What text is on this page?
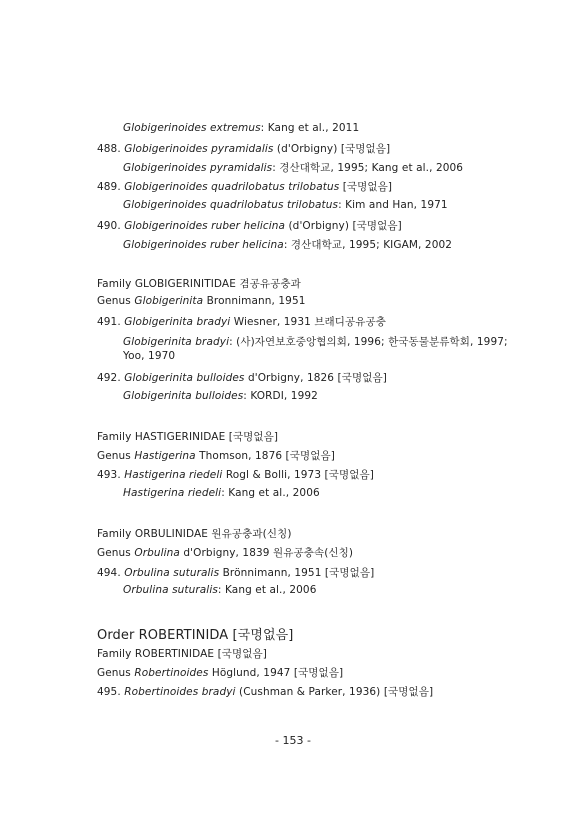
Globigerinoides extremus: Kang et al., 2011
488. Globigerinoides pyramidalis (d'Orbigny) [국명없음]
Globigerinoides pyramidalis: 경산대학교, 1995; Kang et al., 2006
489. Globigerinoides quadrilobatus trilobatus [국명없음]
Globigerinoides quadrilobatus trilobatus: Kim and Han, 1971
490. Globigerinoides ruber helicina (d'Orbigny) [국명없음]
Globigerinoides ruber helicina: 경산대학교, 1995; KIGAM, 2002
Family GLOBIGERINITIDAE 겸공유공충과
Genus Globigerinita Bronnimann, 1951
491. Globigerinita bradyi Wiesner, 1931 브래디공유공충
Globigerinita bradyi: (사)자연보호중앙협의회, 1996; 한국동물분류학회, 1997;
Yoo, 1970
492. Globigerinita bulloides d'Orbigny, 1826 [국명없음]
Globigerinita bulloides: KORDI, 1992
Family HASTIGERINIDAE [국명없음]
Genus Hastigerina Thomson, 1876 [국명없음]
493. Hastigerina riedeli Rogl & Bolli, 1973 [국명없음]
Hastigerina riedeli: Kang et al., 2006
Family ORBULINIDAE 원유공충과(신칭)
Genus Orbulina d'Orbigny, 1839 원유공충속(신칭)
494. Orbulina suturalis Brönnimann, 1951 [국명없음]
Orbulina suturalis: Kang et al., 2006
Order ROBERTINIDA [국명없음]
Family ROBERTINIDAE [국명없음]
Genus Robertinoides Höglund, 1947 [국명없음]
495. Robertinoides bradyi (Cushman & Parker, 1936) [국명없음]
- 153 -
